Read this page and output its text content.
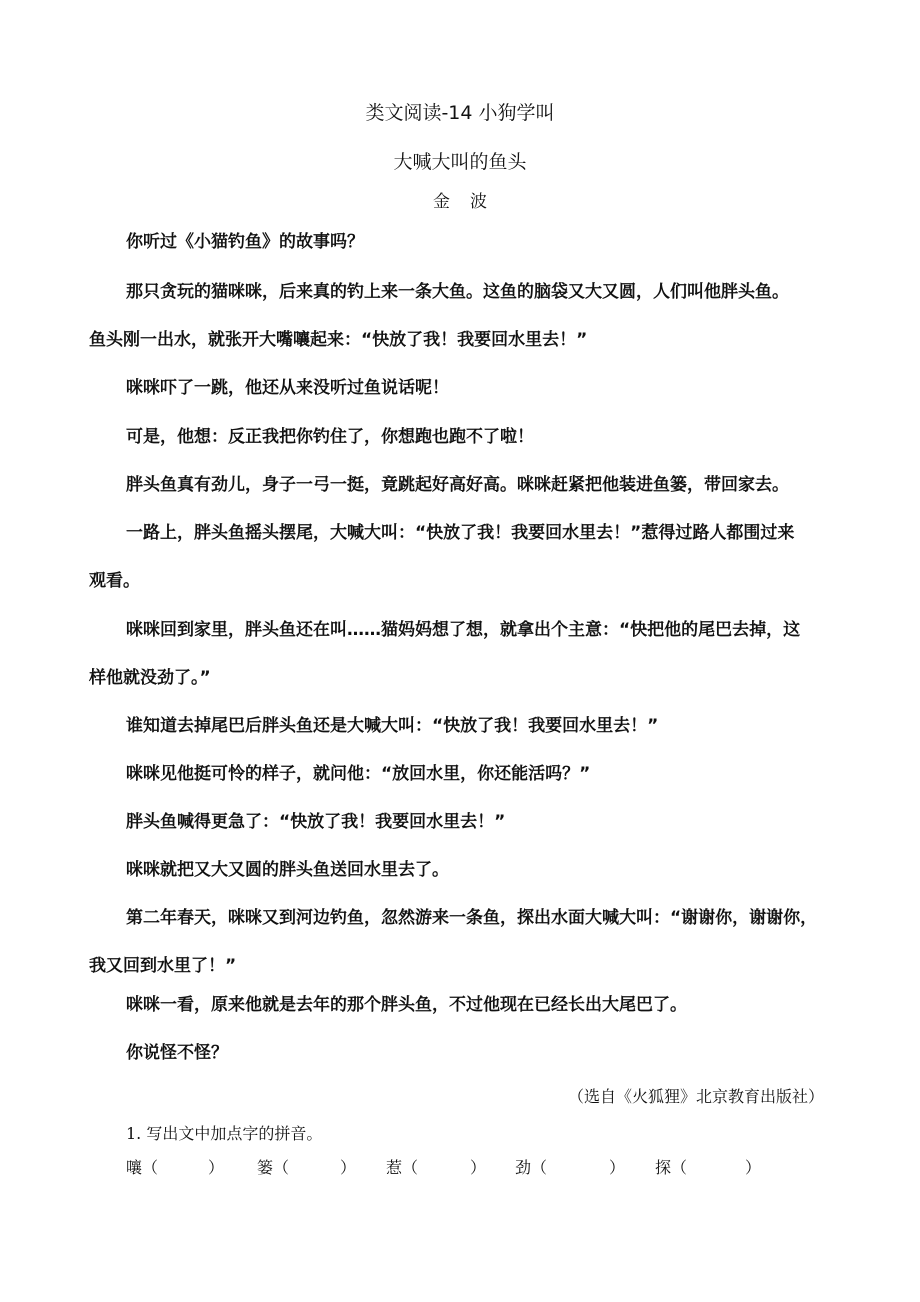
类文阅读-14 小狗学叫
大喊大叫的鱼头
金波
你听过《小猫钓鱼》的故事吗？
那只贪玩的猫咪咪，后来真的钓上来一条大鱼。这鱼的脑袋又大又圆，人们叫他胖头鱼。
鱼头刚一出水，就张开大嘴嚷起来：“快放了我！我要回水里去！”
咪咪吓了一跳，他还从来没听过鱼说话呢！
可是，他想：反正我把你钓住了，你想跑也跑不了啦！
胖头鱼真有劲儿，身子一弓一挺，竟跳起好高好高。咪咪赶紧把他装进鱼篓，带回家去。
一路上，胖头鱼摇头摆尾，大喊大叫：“快放了我！我要回水里去！”惹得过路人都围过来
观看。
咪咪回到家里，胖头鱼还在叫……猫妈妈想了想，就拿出个主意：“快把他的尾巴去掉，这
样他就没劲了。”
谁知道去掉尾巴后胖头鱼还是大喊大叫：“快放了我！我要回水里去！”
咪咪见他挺可怜的样子，就问他：“放回水里，你还能活吗？”
胖头鱼喊得更急了：“快放了我！我要回水里去！”
咪咪就把又大又圆的胖头鱼送回水里去了。
第二年春天，咪咪又到河边钓鱼，忽然游来一条鱼，探出水面大喊大叫：“谢谢你，谢谢你，
我又回到水里了！”
咪咪一看，原来他就是去年的那个胖头鱼，不过他现在已经长出大尾巴了。
你说怪不怪？
（选自《火狐狸》北京教育出版社）
1. 写出文中加点字的拼音。
嚷（	） 篓（	） 惹（	） 劲（	） 探（	）
